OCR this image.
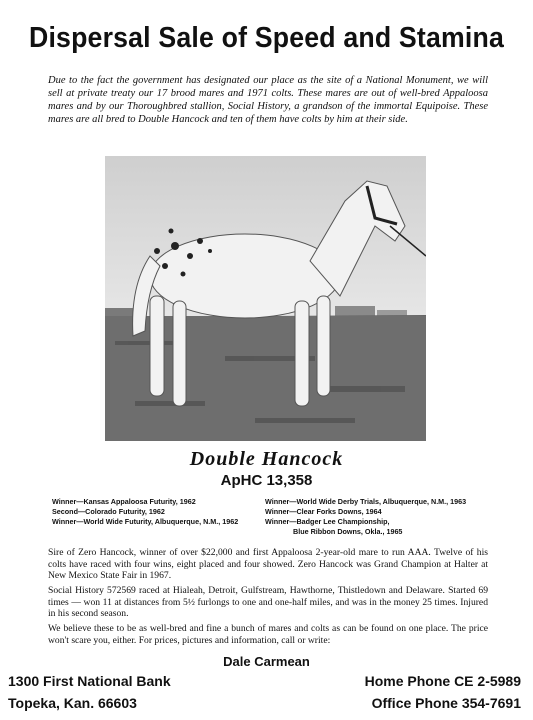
Dispersal Sale of Speed and Stamina
Due to the fact the government has designated our place as the site of a National Monument, we will sell at private treaty our 17 brood mares and 1971 colts. These mares are out of well-bred Appaloosa mares and by our Thoroughbred stallion, Social History, a grandson of the immortal Equipoise. These mares are all bred to Double Hancock and ten of them have colts by him at their side.
Double Hancock
ApHC 13,358
Winner—Kansas Appaloosa Futurity, 1962
Second—Colorado Futurity, 1962
Winner—World Wide Futurity, Albuquerque, N.M., 1962
Winner—World Wide Derby Trials, Albuquerque, N.M., 1963
Winner—Clear Forks Downs, 1964
Winner—Badger Lee Championship,
Blue Ribbon Downs, Okla., 1965
Sire of Zero Hancock, winner of over $22,000 and first Appaloosa 2-year-old mare to run AAA. Twelve of his colts have raced with four wins, eight placed and four showed. Zero Hancock was Grand Champion at Halter at New Mexico State Fair in 1967.
Social History 572569 raced at Hialeah, Detroit, Gulfstream, Hawthorne, Thistledown and Delaware. Started 69 times — won 11 at distances from 5½ furlongs to one and one-half miles, and was in the money 25 times. Injured in his second season.
We believe these to be as well-bred and fine a bunch of mares and colts as can be found on one place. The price won't scare you, either. For prices, pictures and information, call or write:
Dale Carmean
1300 First National Bank
Topeka, Kan. 66603
Home Phone CE 2-5989
Office Phone 354-7691
